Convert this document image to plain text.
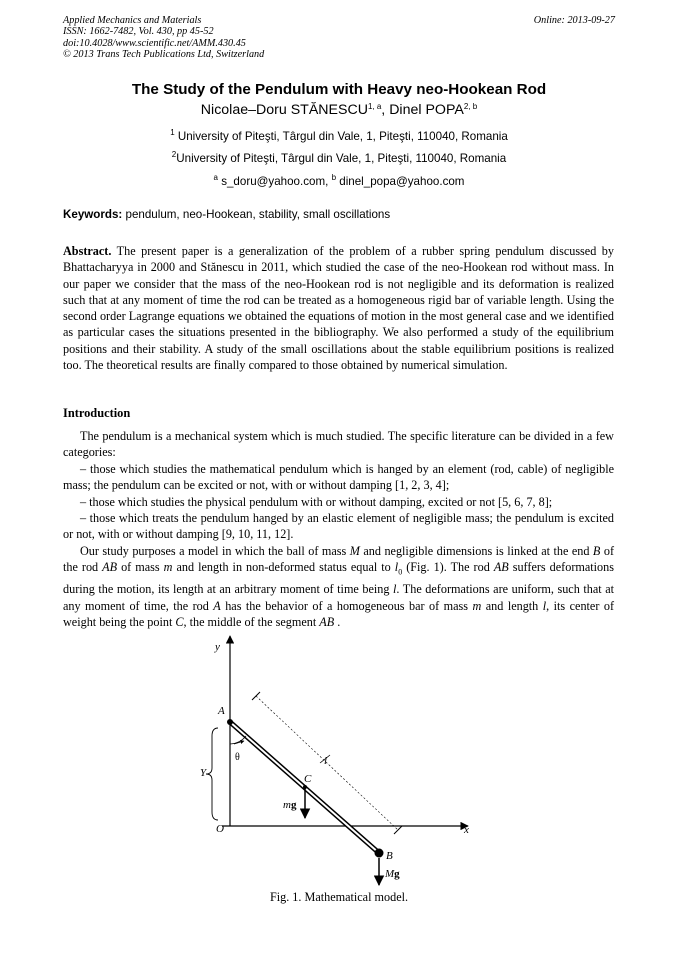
Applied Mechanics and Materials
ISSN: 1662-7482, Vol. 430, pp 45-52
doi:10.4028/www.scientific.net/AMM.430.45
© 2013 Trans Tech Publications Ltd, Switzerland
Online: 2013-09-27
The Study of the Pendulum with Heavy neo-Hookean Rod
Nicolae–Doru STĂNESCU$^{1, a}$, Dinel POPA$^{2, b}$
$^1$ University of Piteşti, Târgul din Vale, 1, Piteşti, 110040, Romania
$^2$University of Piteşti, Târgul din Vale, 1, Piteşti, 110040, Romania
$^a$ s_doru@yahoo.com, $^b$ dinel_popa@yahoo.com
Keywords: pendulum, neo-Hookean, stability, small oscillations
Abstract. The present paper is a generalization of the problem of a rubber spring pendulum discussed by Bhattacharyya in 2000 and Stănescu in 2011, which studied the case of the neo-Hookean rod without mass. In our paper we consider that the mass of the neo-Hookean rod is not negligible and its deformation is realized such that at any moment of time the rod can be treated as a homogeneous rigid bar of variable length. Using the second order Lagrange equations we obtained the equations of motion in the most general case and we identified as particular cases the situations presented in the bibliography. We also performed a study of the equilibrium positions and their stability. A study of the small oscillations about the stable equilibrium positions is realized too. The theoretical results are finally compared to those obtained by numerical simulation.
Introduction

The pendulum is a mechanical system which is much studied. The specific literature can be divided in a few categories:

– those which studies the mathematical pendulum which is hanged by an element (rod, cable) of negligible mass; the pendulum can be excited or not, with or without damping [1, 2, 3, 4];

– those which studies the physical pendulum with or without damping, excited or not [5, 6, 7, 8];

– those which treats the pendulum hanged by an elastic element of negligible mass; the pendulum is excited or not, with or without damping [9, 10, 11, 12].

Our study purposes a model in which the ball of mass M and negligible dimensions is linked at the end B of the rod AB of mass m and length in non-deformed status equal to $l_0$ (Fig. 1). The rod AB suffers deformations during the motion, its length at an arbitrary moment of time being l. The deformations are uniform, such that at any moment of time, the rod A has the behavior of a homogeneous bar of mass m and length l, its center of weight being the point C, the middle of the segment AB .

y
x
O
A
θ
Y	C
l
mg
B
Mg
Fig. 1. Mathematical model.
